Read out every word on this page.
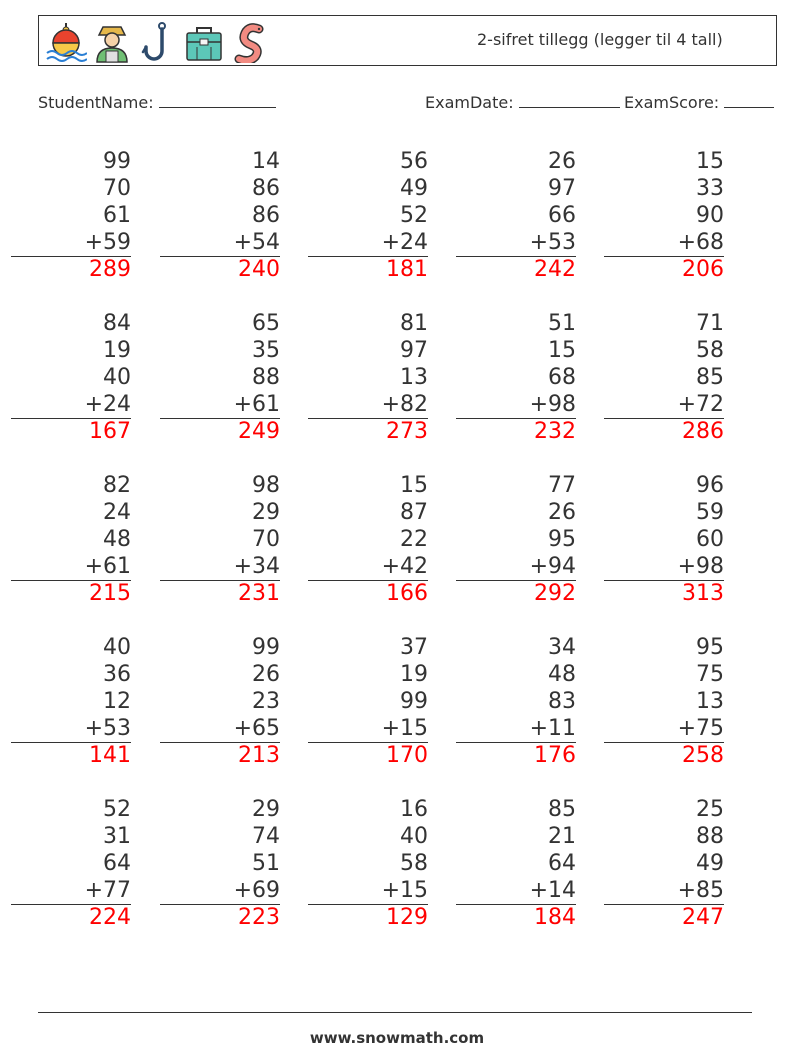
2-sifret tillegg (legger til 4 tall)
StudentName:	ExamDate:	ExamScore:
99
70
61
+59
289
14
86
86
+54
240
56
49
52
+24
181
26
97
66
+53
242
15
33
90
+68
206
84
19
40
+24
167
65
35
88
+61
249
81
97
13
+82
273
51
15
68
+98
232
71
58
85
+72
286
82
24
48
+61
215
98
29
70
+34
231
15
87
22
+42
166
77
26
95
+94
292
96
59
60
+98
313
40
36
12
+53
141
99
26
23
+65
213
37
19
99
+15
170
34
48
83
+11
176
95
75
13
+75
258
52
31
64
+77
224
29
74
51
+69
223
16
40
58
+15
129
85
21
64
+14
184
25
88
49
+85
247
www.snowmath.com
